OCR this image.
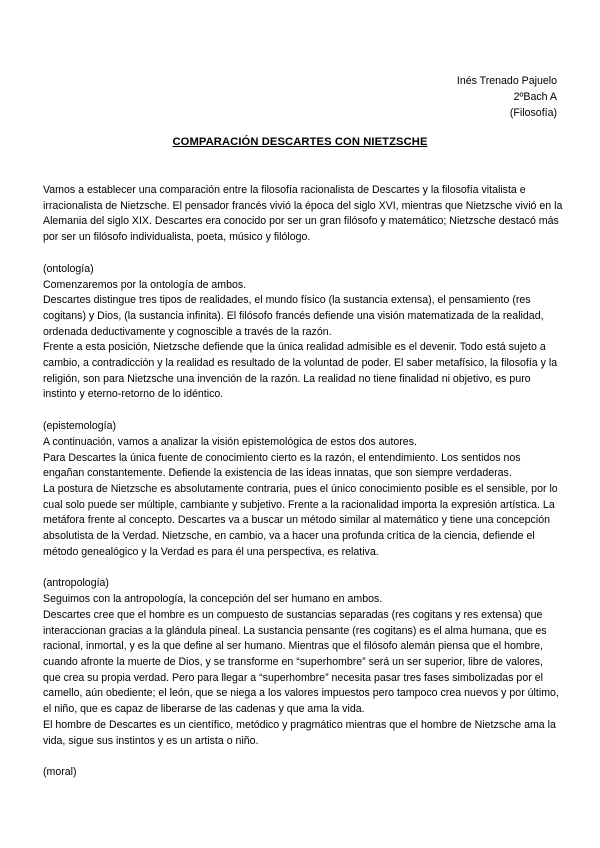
Inés Trenado Pajuelo
2ºBach A
(Filosofía)
COMPARACIÓN DESCARTES CON NIETZSCHE

Vamos a establecer una comparación entre la filosofía racionalista de Descartes y la filosofía vitalista e irracionalista de Nietzsche. El pensador francés vivió la época del siglo XVI, mientras que Nietzsche vivió en la Alemania del siglo XIX. Descartes era conocido por ser un gran filósofo y matemático; Nietzsche destacó más por ser un filósofo individualista, poeta, músico y filólogo.

(ontología)

Comenzaremos por la ontología de ambos.

Descartes distingue tres tipos de realidades, el mundo físico (la sustancia extensa), el pensamiento (res cogitans) y Dios, (la sustancia infinita). El filósofo francés defiende una visión matematizada de la realidad, ordenada deductivamente y cognoscible a través de la razón.

Frente a esta posición, Nietzsche defiende que la única realidad admisible es el devenir. Todo está sujeto a cambio, a contradicción y la realidad es resultado de la voluntad de poder. El saber metafísico, la filosofía y la religión, son para Nietzsche una invención de la razón. La realidad no tiene finalidad ni objetivo, es puro instinto y eterno-retorno de lo idéntico.

(epistemología)

A continuación, vamos a analizar la visión epistemológica de estos dos autores.

Para Descartes la única fuente de conocimiento cierto es la razón, el entendimiento. Los sentidos nos engañan constantemente. Defiende la existencia de las ideas innatas, que son siempre verdaderas.

La postura de Nietzsche es absolutamente contraria, pues el único conocimiento posible es el sensible, por lo cual solo puede ser múltiple, cambiante y subjetivo. Frente a la racionalidad importa la expresión artística. La metáfora frente al concepto. Descartes va a buscar un método similar al matemático y tiene una concepción absolutista de la Verdad. Nietzsche, en cambio, va a hacer una profunda crítica de la ciencia, defiende el método genealógico y la Verdad es para él una perspectiva, es relativa.

(antropología)

Seguimos con la antropología, la concepción del ser humano en ambos.

Descartes cree que el hombre es un compuesto de sustancias separadas (res cogitans y res extensa) que interaccionan gracias a la glándula pineal. La sustancia pensante (res cogitans) es el alma humana, que es racional, inmortal, y es la que define al ser humano. Mientras que el filósofo alemán piensa que el hombre, cuando afronte la muerte de Dios, y se transforme en “superhombre” será un ser superior, libre de valores, que crea su propia verdad. Pero para llegar a “superhombre” necesita pasar tres fases simbolizadas por el camello, aún obediente; el león, que se niega a los valores impuestos pero tampoco crea nuevos y por último, el niño, que es capaz de liberarse de las cadenas y que ama la vida.

El hombre de Descartes es un científico, metódico y pragmático mientras que el hombre de Nietzsche ama la vida, sigue sus instintos y es un artista o niño.

(moral)
